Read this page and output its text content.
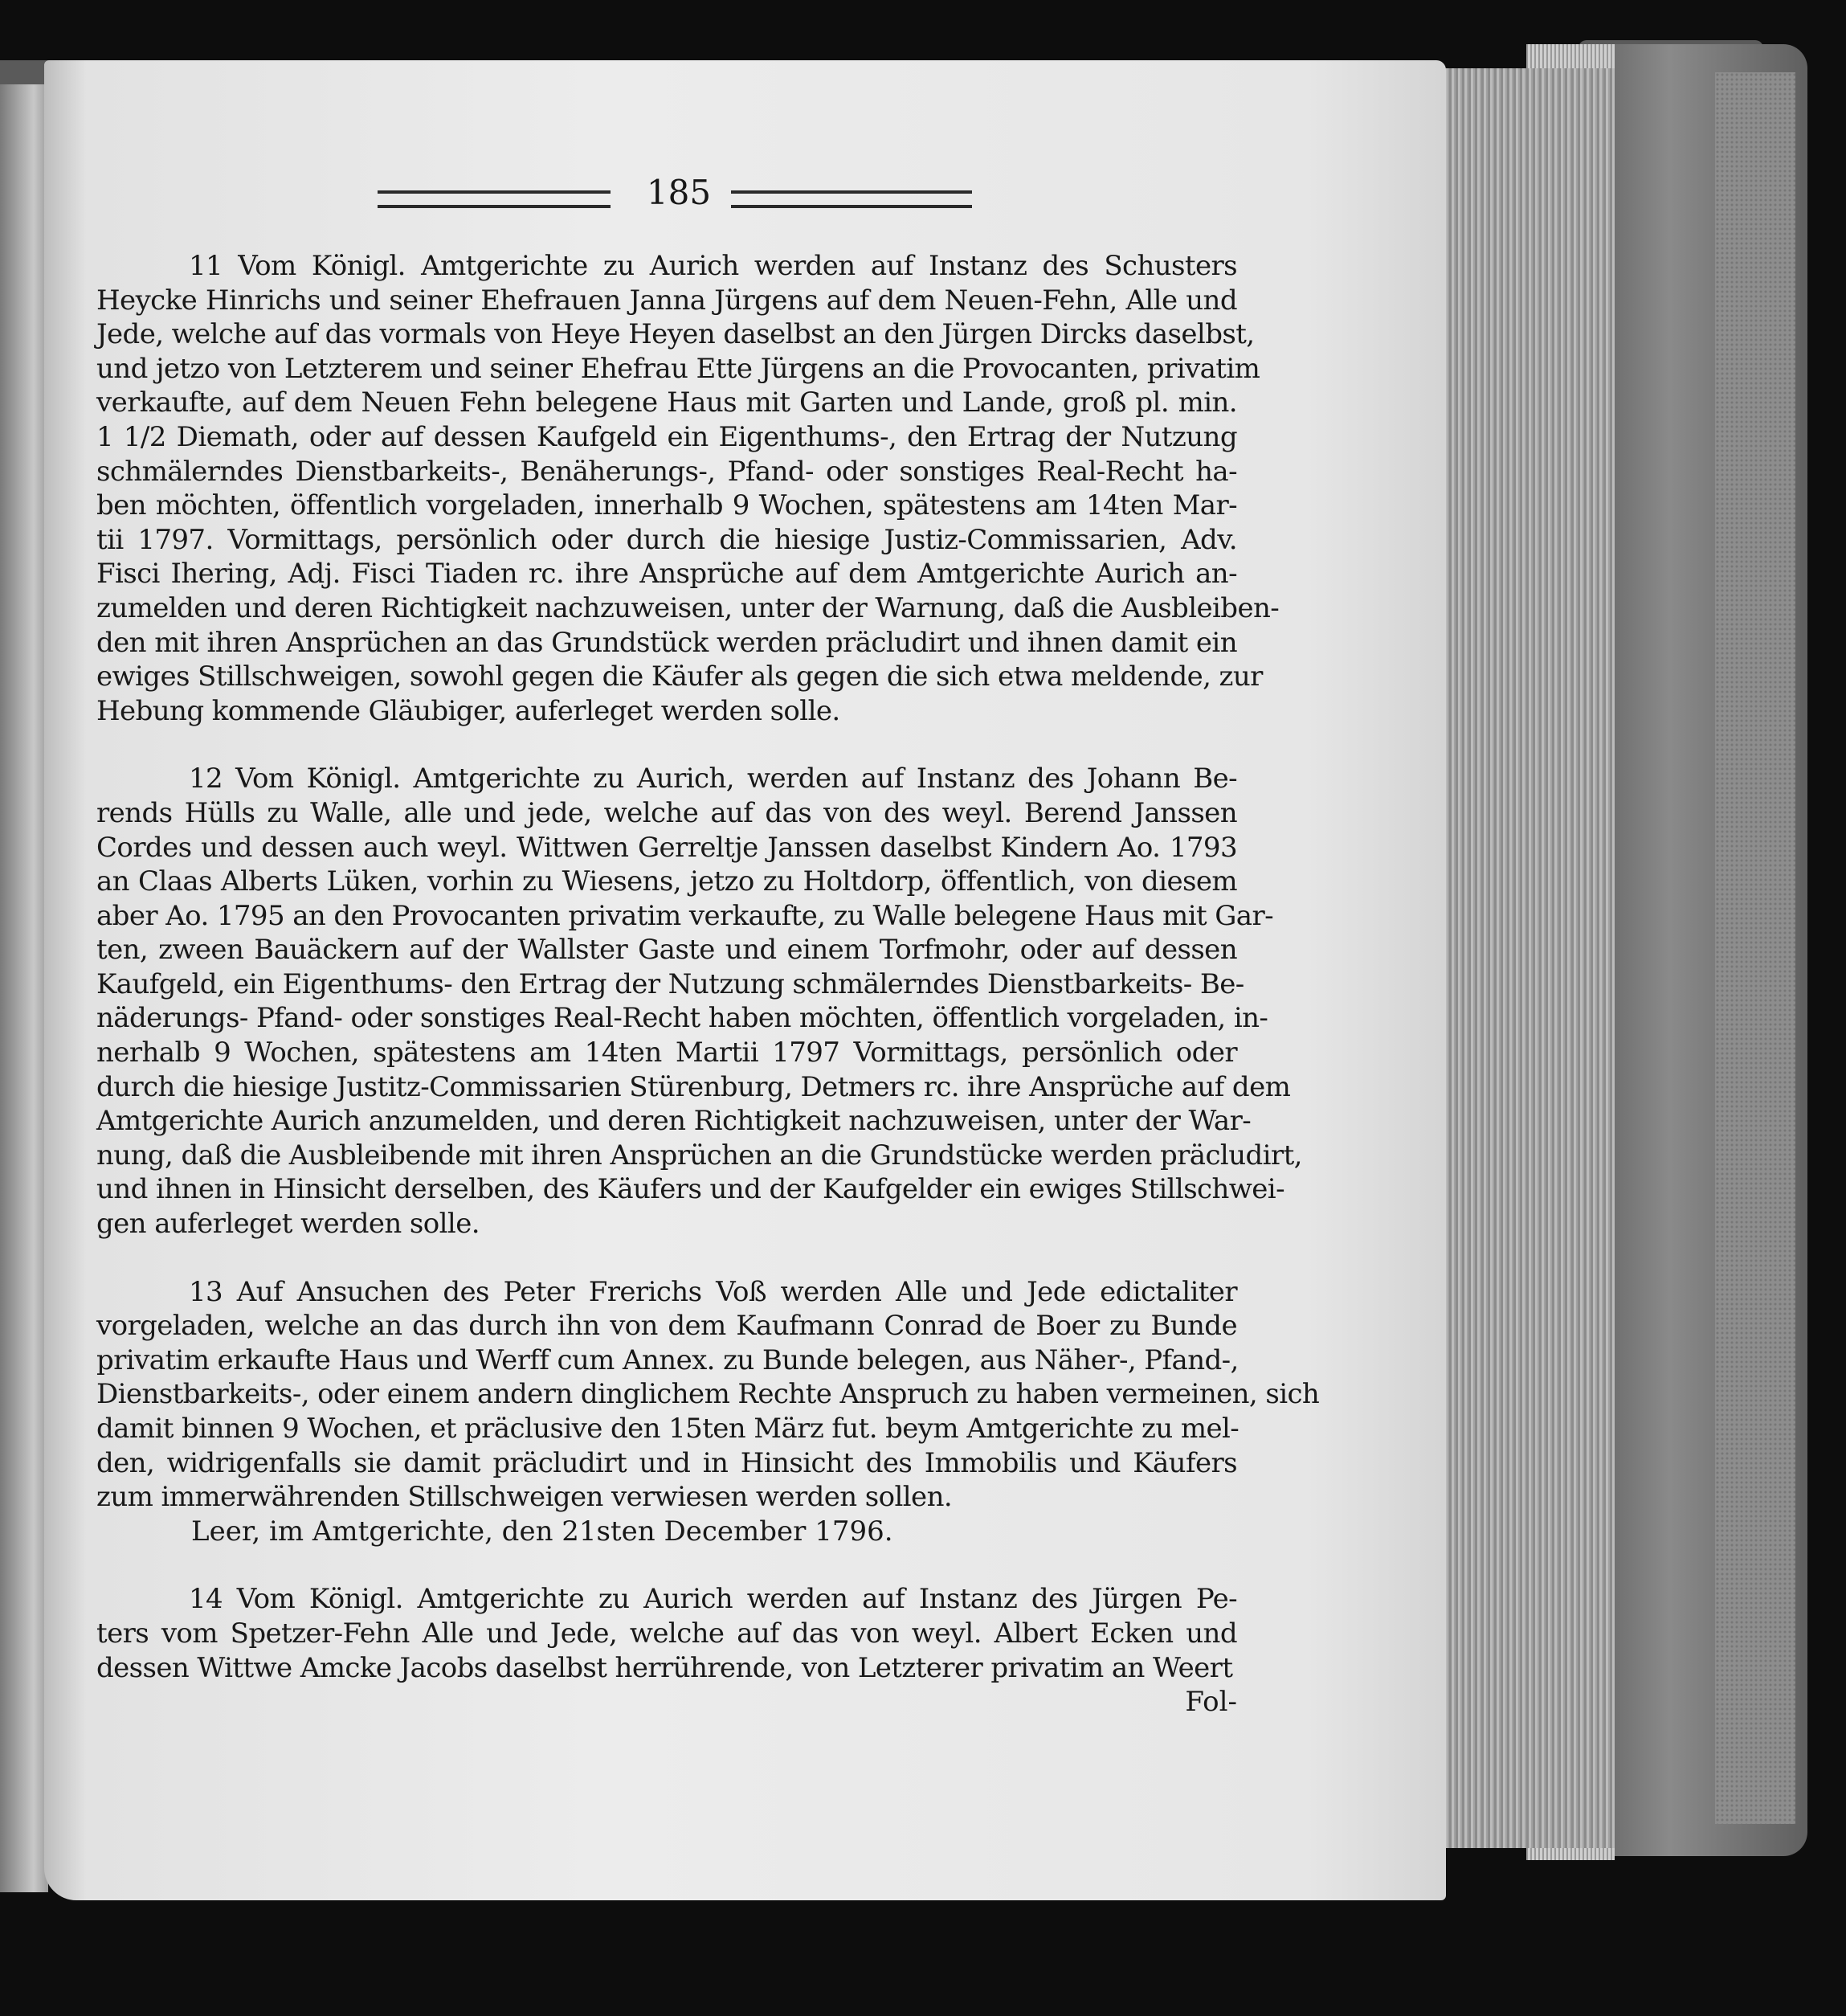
185
11 Vom Königl. Amtgerichte zu Aurich werden auf Instanz des Schusters
Heycke Hinrichs und seiner Ehefrauen Janna Jürgens auf dem Neuen-Fehn, Alle und
Jede, welche auf das vormals von Heye Heyen daselbst an den Jürgen Dircks daselbst,
und jetzo von Letzterem und seiner Ehefrau Ette Jürgens an die Provocanten, privatim
verkaufte, auf dem Neuen Fehn belegene Haus mit Garten und Lande, groß pl. min.
1 1/2 Diemath, oder auf dessen Kaufgeld ein Eigenthums-, den Ertrag der Nutzung
schmälerndes Dienstbarkeits-, Benäherungs-, Pfand- oder sonstiges Real-Recht ha-
ben möchten, öffentlich vorgeladen, innerhalb 9 Wochen, spätestens am 14ten Mar-
tii 1797. Vormittags, persönlich oder durch die hiesige Justiz-Commissarien, Adv.
Fisci Ihering, Adj. Fisci Tiaden rc. ihre Ansprüche auf dem Amtgerichte Aurich an-
zumelden und deren Richtigkeit nachzuweisen, unter der Warnung, daß die Ausbleiben-
den mit ihren Ansprüchen an das Grundstück werden präcludirt und ihnen damit ein
ewiges Stillschweigen, sowohl gegen die Käufer als gegen die sich etwa meldende, zur
Hebung kommende Gläubiger, auferleget werden solle.
12 Vom Königl. Amtgerichte zu Aurich, werden auf Instanz des Johann Be-
rends Hülls zu Walle, alle und jede, welche auf das von des weyl. Berend Janssen
Cordes und dessen auch weyl. Wittwen Gerreltje Janssen daselbst Kindern Ao. 1793
an Claas Alberts Lüken, vorhin zu Wiesens, jetzo zu Holtdorp, öffentlich, von diesem
aber Ao. 1795 an den Provocanten privatim verkaufte, zu Walle belegene Haus mit Gar-
ten, zween Bauäckern auf der Wallster Gaste und einem Torfmohr, oder auf dessen
Kaufgeld, ein Eigenthums- den Ertrag der Nutzung schmälerndes Dienstbarkeits- Be-
näderungs- Pfand- oder sonstiges Real-Recht haben möchten, öffentlich vorgeladen, in-
nerhalb 9 Wochen, spätestens am 14ten Martii 1797 Vormittags, persönlich oder
durch die hiesige Justitz-Commissarien Stürenburg, Detmers rc. ihre Ansprüche auf dem
Amtgerichte Aurich anzumelden, und deren Richtigkeit nachzuweisen, unter der War-
nung, daß die Ausbleibende mit ihren Ansprüchen an die Grundstücke werden präcludirt,
und ihnen in Hinsicht derselben, des Käufers und der Kaufgelder ein ewiges Stillschwei-
gen auferleget werden solle.
13 Auf Ansuchen des Peter Frerichs Voß werden Alle und Jede edictaliter
vorgeladen, welche an das durch ihn von dem Kaufmann Conrad de Boer zu Bunde
privatim erkaufte Haus und Werff cum Annex. zu Bunde belegen, aus Näher-, Pfand-,
Dienstbarkeits-, oder einem andern dinglichem Rechte Anspruch zu haben vermeinen, sich
damit binnen 9 Wochen, et präclusive den 15ten März fut. beym Amtgerichte zu mel-
den, widrigenfalls sie damit präcludirt und in Hinsicht des Immobilis und Käufers
zum immerwährenden Stillschweigen verwiesen werden sollen.
Leer, im Amtgerichte, den 21sten December 1796.
14 Vom Königl. Amtgerichte zu Aurich werden auf Instanz des Jürgen Pe-
ters vom Spetzer-Fehn Alle und Jede, welche auf das von weyl. Albert Ecken und
dessen Wittwe Amcke Jacobs daselbst herrührende, von Letzterer privatim an Weert
Fol-
